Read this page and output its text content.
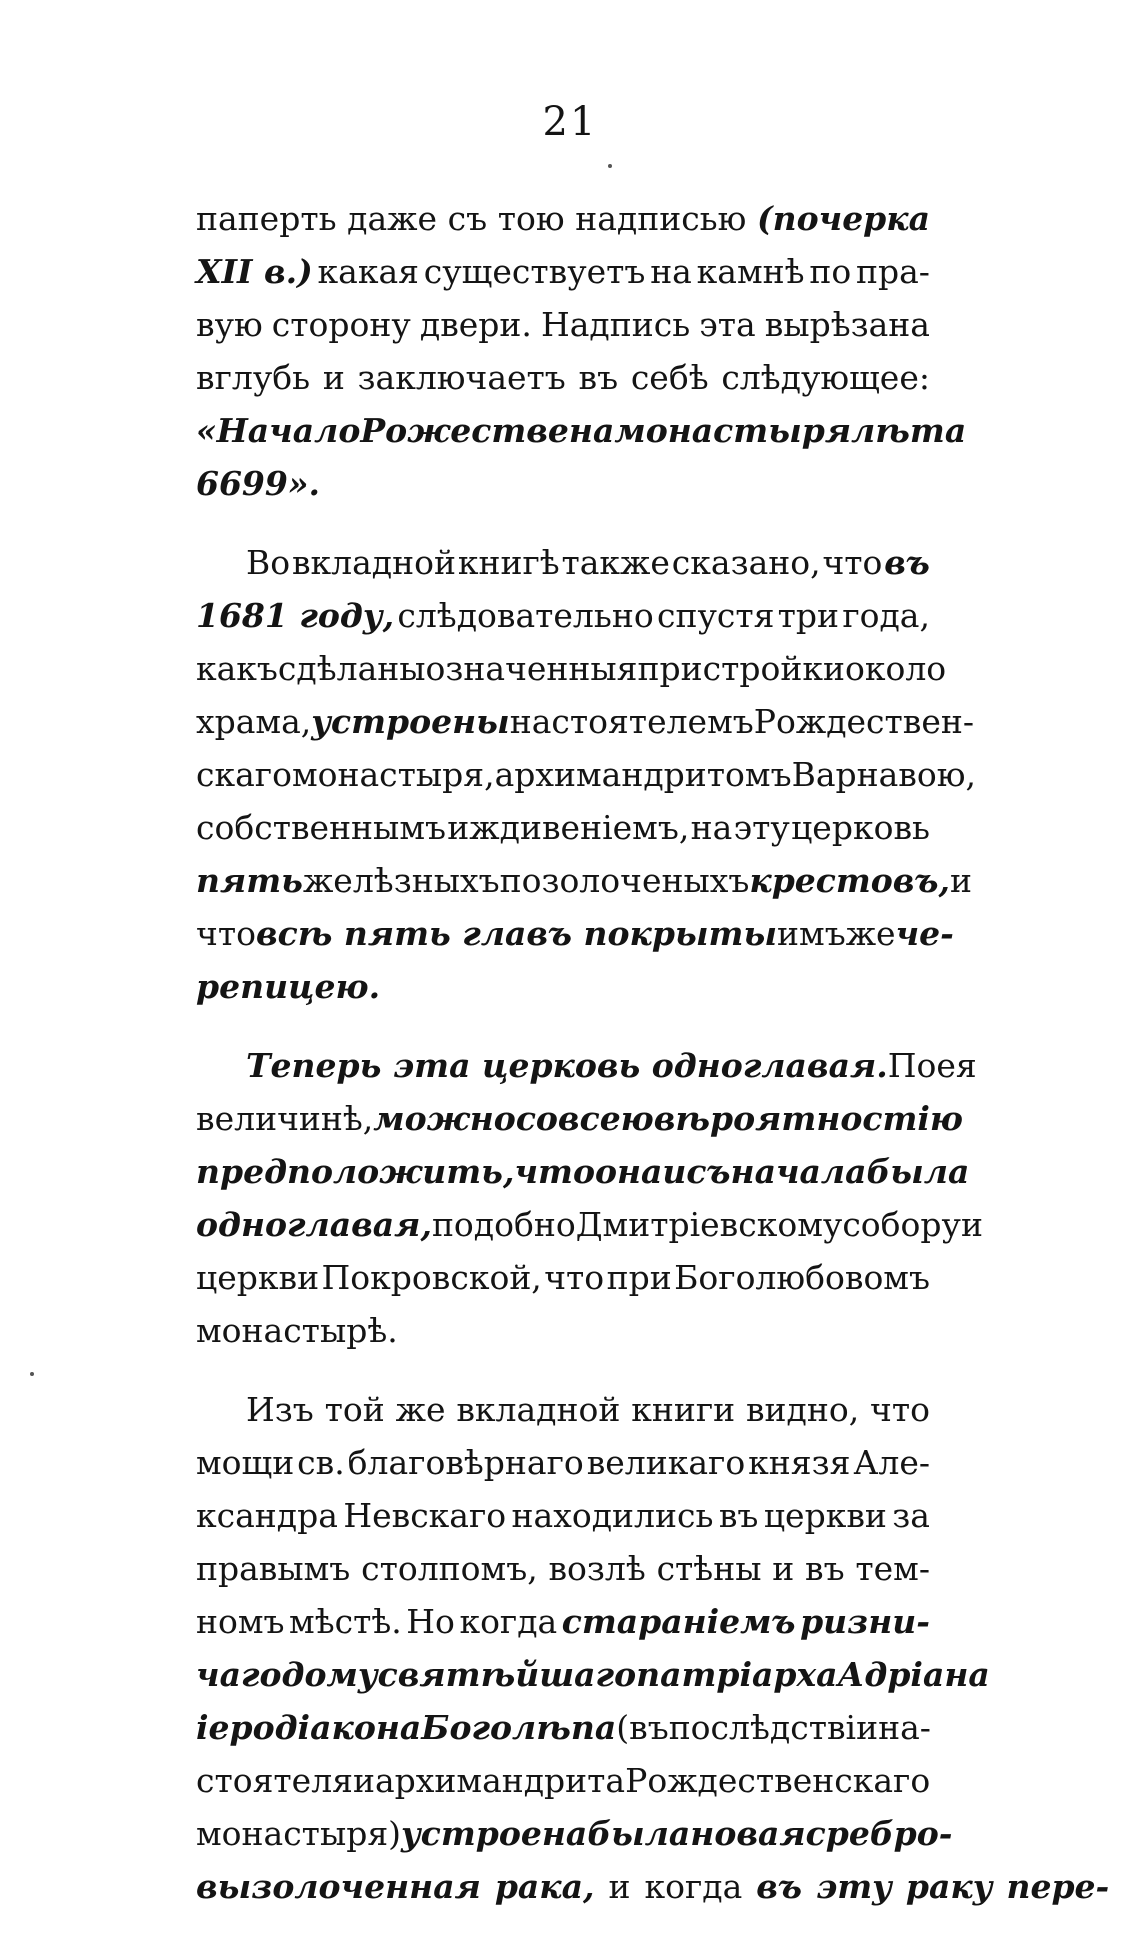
21
паперть даже съ тою надписью (почерка
XII в.) какая существуетъ на камнѣ по пра-
вую сторону двери. Надпись эта вырѣзана
вглубь и заключаетъ въ себѣ слѣдующее:
«Начало Рожествена монастыря лѣта
6699».
Во вкладной книгѣ также сказано, что въ
1681 году, слѣдовательно спустя три года,
какъ сдѣланы означенныя пристройки около
храма, устроены настоятелемъ Рождествен-
скаго монастыря, архимандритомъ Варнавою,
собственнымъ иждивеніемъ, на эту церковь
пять желѣзныхъ позолоченыхъ крестовъ, и
что всѣ пять главъ покрыты имъ же че-
репицею.
Теперь эта церковь одноглавая. По ея
величинѣ, можно со всею вѣроятностію
предположить, что она и съ начала была
одноглавая, подобно Дмитріевскому собору и
церкви Покровской, что при Боголюбовомъ
монастырѣ.
Изъ той же вкладной книги видно, что
мощи св. благовѣрнаго великаго князя Але-
ксандра Невскаго находились въ церкви за
правымъ столпомъ, возлѣ стѣны и въ тем-
номъ мѣстѣ. Но когда стараніемъ ризни-
чаго дому святѣйшаго патріарха Адріана
іеродіакона Боголѣпа (въ послѣдствіи на-
стоятеля и архимандрита Рождественскаго
монастыря) устроена была новая сребро-
вызолоченная рака, и когда въ эту раку пере-
